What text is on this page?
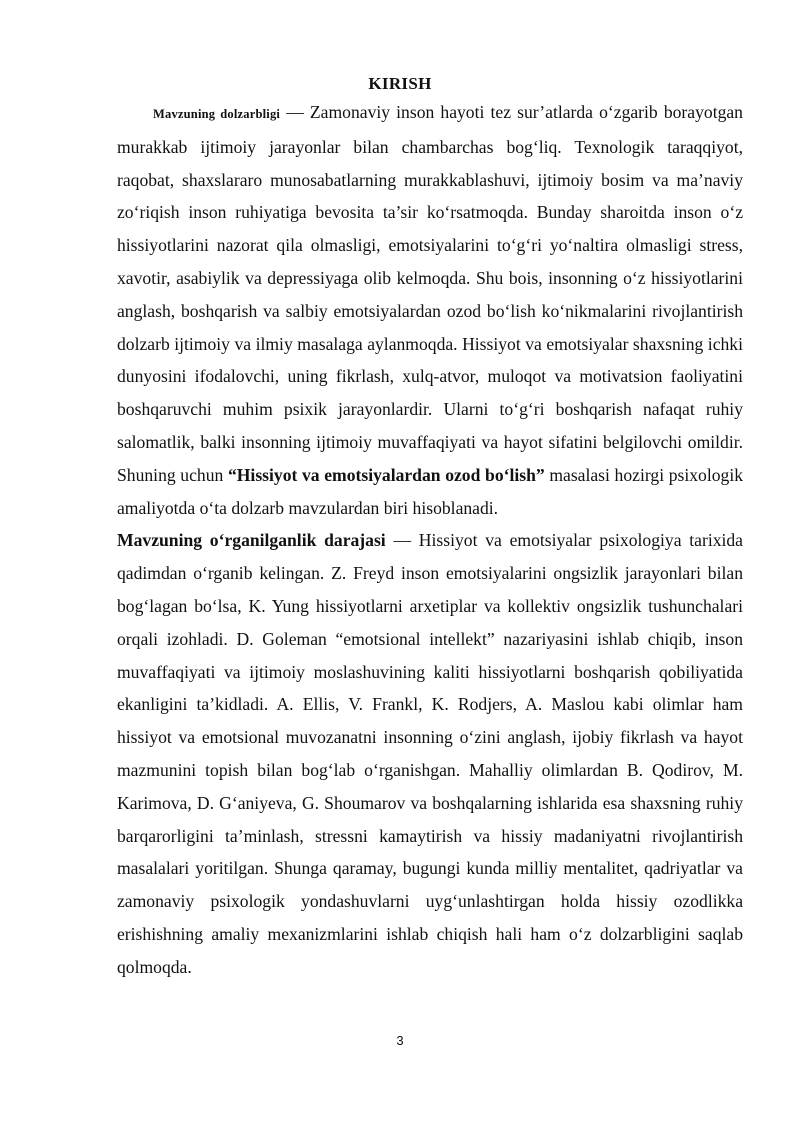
KIRISH

Mavzuning dolzarbligi — Zamonaviy inson hayoti tez sur’atlarda o‘zgarib borayotgan murakkab ijtimoiy jarayonlar bilan chambarchas bog‘liq. Texnologik taraqqiyot, raqobat, shaxslararo munosabatlarning murakkablashuvi, ijtimoiy bosim va ma’naviy zo‘riqish inson ruhiyatiga bevosita ta’sir ko‘rsatmoqda. Bunday sharoitda inson o‘z hissiyotlarini nazorat qila olmasligi, emotsiyalarini to‘g‘ri yo‘naltira olmasligi stress, xavotir, asabiylik va depressiyaga olib kelmoqda. Shu bois, insonning o‘z hissiyotlarini anglash, boshqarish va salbiy emotsiyalardan ozod bo‘lish ko‘nikmalarini rivojlantirish dolzarb ijtimoiy va ilmiy masalaga aylanmoqda. Hissiyot va emotsiyalar shaxsning ichki dunyosini ifodalovchi, uning fikrlash, xulq-atvor, muloqot va motivatsion faoliyatini boshqaruvchi muhim psixik jarayonlardir. Ularni to‘g‘ri boshqarish nafaqat ruhiy salomatlik, balki insonning ijtimoiy muvaffaqiyati va hayot sifatini belgilovchi omildir. Shuning uchun “Hissiyot va emotsiyalardan ozod bo‘lish” masalasi hozirgi psixologik amaliyotda o‘ta dolzarb mavzulardan biri hisoblanadi.

Mavzuning o‘rganilganlik darajasi — Hissiyot va emotsiyalar psixologiya tarixida qadimdan o‘rganib kelingan. Z. Freyd inson emotsiyalarini ongsizlik jarayonlari bilan bog‘lagan bo‘lsa, K. Yung hissiyotlarni arxetiplar va kollektiv ongsizlik tushunchalari orqali izohladi. D. Goleman “emotsional intellekt” nazariyasini ishlab chiqib, inson muvaffaqiyati va ijtimoiy moslashuvining kaliti hissiyotlarni boshqarish qobiliyatida ekanligini ta’kidladi. A. Ellis, V. Frankl, K. Rodjers, A. Maslou kabi olimlar ham hissiyot va emotsional muvozanatni insonning o‘zini anglash, ijobiy fikrlash va hayot mazmunini topish bilan bog‘lab o‘rganishgan. Mahalliy olimlardan B. Qodirov, M. Karimova, D. G‘aniyeva, G. Shoumarov va boshqalarning ishlarida esa shaxsning ruhiy barqarorligini ta’minlash, stressni kamaytirish va hissiy madaniyatni rivojlantirish masalalari yoritilgan. Shunga qaramay, bugungi kunda milliy mentalitet, qadriyatlar va zamonaviy psixologik yondashuvlarni uyg‘unlashtirgan holda hissiy ozodlikka erishishning amaliy mexanizmlarini ishlab chiqish hali ham o‘z dolzarbligini saqlab qolmoqda.

3
